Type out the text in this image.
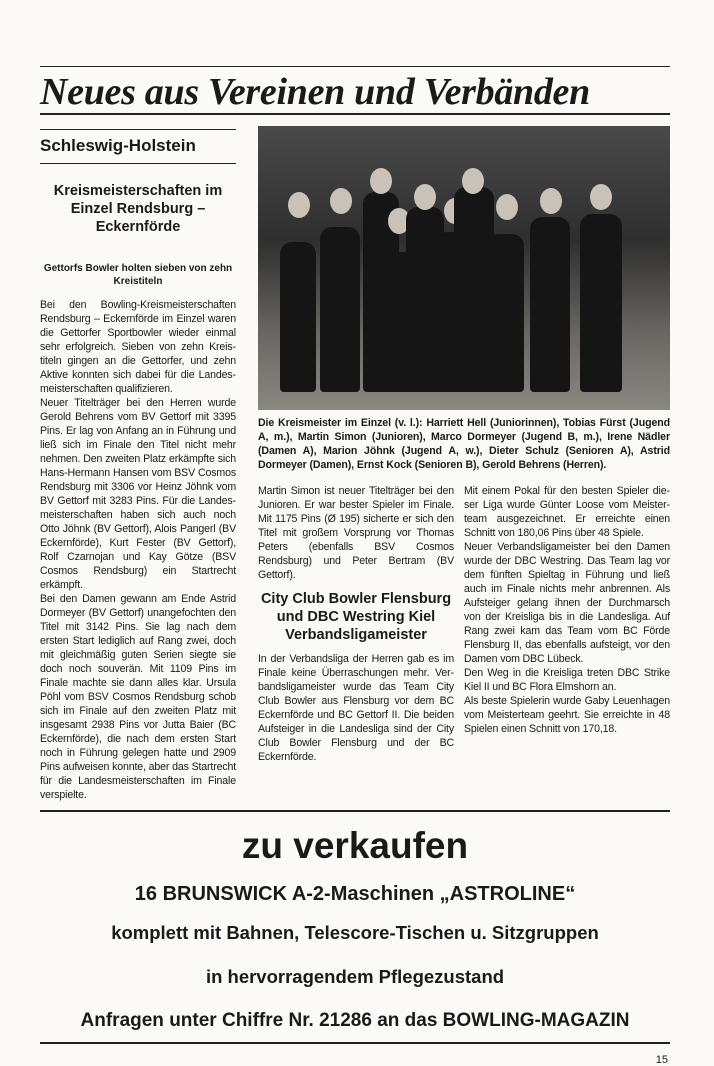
Neues aus Vereinen und Verbänden
Schleswig-Holstein
Kreismeisterschaften im Einzel Rendsburg – Eckernförde
Gettorfs Bowler holten sieben von zehn Kreistiteln

Bei den Bowling-Kreismeisterschaften Rendsburg – Eckernförde im Einzel waren die Gettorfer Sportbowler wieder einmal sehr erfolgreich. Sieben von zehn Kreistiteln gingen an die Gettorfer, und zehn Aktive konnten sich dabei für die Landesmeisterschaften qualifizieren.

Neuer Titelträger bei den Herren wurde Gerold Behrens vom BV Gettorf mit 3395 Pins. Er lag von Anfang an in Führung und ließ sich im Finale den Titel nicht mehr nehmen. Den zweiten Platz erkämpfte sich Hans-Hermann Hansen vom BSV Cosmos Rendsburg mit 3306 vor Heinz Jöhnk vom BV Gettorf mit 3283 Pins. Für die Landesmeisterschaften haben sich auch noch Otto Jöhnk (BV Gettorf), Alois Pangerl (BV Eckernförde), Kurt Fester (BV Gettorf), Rolf Czarnojan und Kay Götze (BSV Cosmos Rendsburg) ein Startrecht erkämpft.

Bei den Damen gewann am Ende Astrid Dormeyer (BV Gettorf) unangefochten den Titel mit 3142 Pins. Sie lag nach dem ersten Start lediglich auf Rang zwei, doch mit gleichmäßig guten Serien siegte sie doch noch souverän. Mit 1109 Pins im Finale machte sie dann alles klar. Ursula Pöhl vom BSV Cosmos Rendsburg schob sich im Finale auf den zweiten Platz mit insgesamt 2938 Pins vor Jutta Baier (BC Eckernförde), die nach dem ersten Start noch in Führung gelegen hatte und 2909 Pins aufweisen konnte, aber das Startrecht für die Landesmeisterschaften im Finale verspielte.

Die Kreismeister im Einzel (v. l.): Harriett Hell (Juniorinnen), Tobias Fürst (Jugend A, m.), Martin Simon (Junioren), Marco Dormeyer (Jugend B, m.), Irene Nädler (Damen A), Marion Jöhnk (Jugend A, w.), Dieter Schulz (Senioren A), Astrid Dormeyer (Damen), Ernst Kock (Senioren B), Gerold Behrens (Herren).

Martin Simon ist neuer Titelträger bei den Junioren. Er war bester Spieler im Finale. Mit 1175 Pins (Ø 195) sicherte er sich den Titel mit großem Vorsprung vor Thomas Peters (ebenfalls BSV Cosmos Rendsburg) und Peter Bertram (BV Gettorf).

City Club Bowler Flensburg und DBC Westring Kiel Verbandsligameister

In der Verbandsliga der Herren gab es im Finale keine Überraschungen mehr. Verbandsligameister wurde das Team City Club Bowler aus Flensburg vor dem BC Eckernförde und BC Gettorf II. Die beiden Aufsteiger in die Landesliga sind der City Club Bowler Flensburg und der BC Eckernförde.

Mit einem Pokal für den besten Spieler dieser Liga wurde Günter Loose vom Meisterteam ausgezeichnet. Er erreichte einen Schnitt von 180,06 Pins über 48 Spiele.

Neuer Verbandsligameister bei den Damen wurde der DBC Westring. Das Team lag vor dem fünften Spieltag in Führung und ließ auch im Finale nichts mehr anbrennen. Als Aufsteiger gelang ihnen der Durchmarsch von der Kreisliga bis in die Landesliga. Auf Rang zwei kam das Team vom BC Förde Flensburg II, das ebenfalls aufsteigt, vor den Damen vom DBC Lübeck.

Den Weg in die Kreisliga treten DBC Strike Kiel II und BC Flora Elmshorn an.

Als beste Spielerin wurde Gaby Leuenhagen vom Meisterteam geehrt. Sie erreichte in 48 Spielen einen Schnitt von 170,18.

zu verkaufen
16 BRUNSWICK A-2-Maschinen „ASTROLINE“
komplett mit Bahnen, Telescore-Tischen u. Sitzgruppen
in hervorragendem Pflegezustand
Anfragen unter Chiffre Nr. 21286 an das BOWLING-MAGAZIN
15
